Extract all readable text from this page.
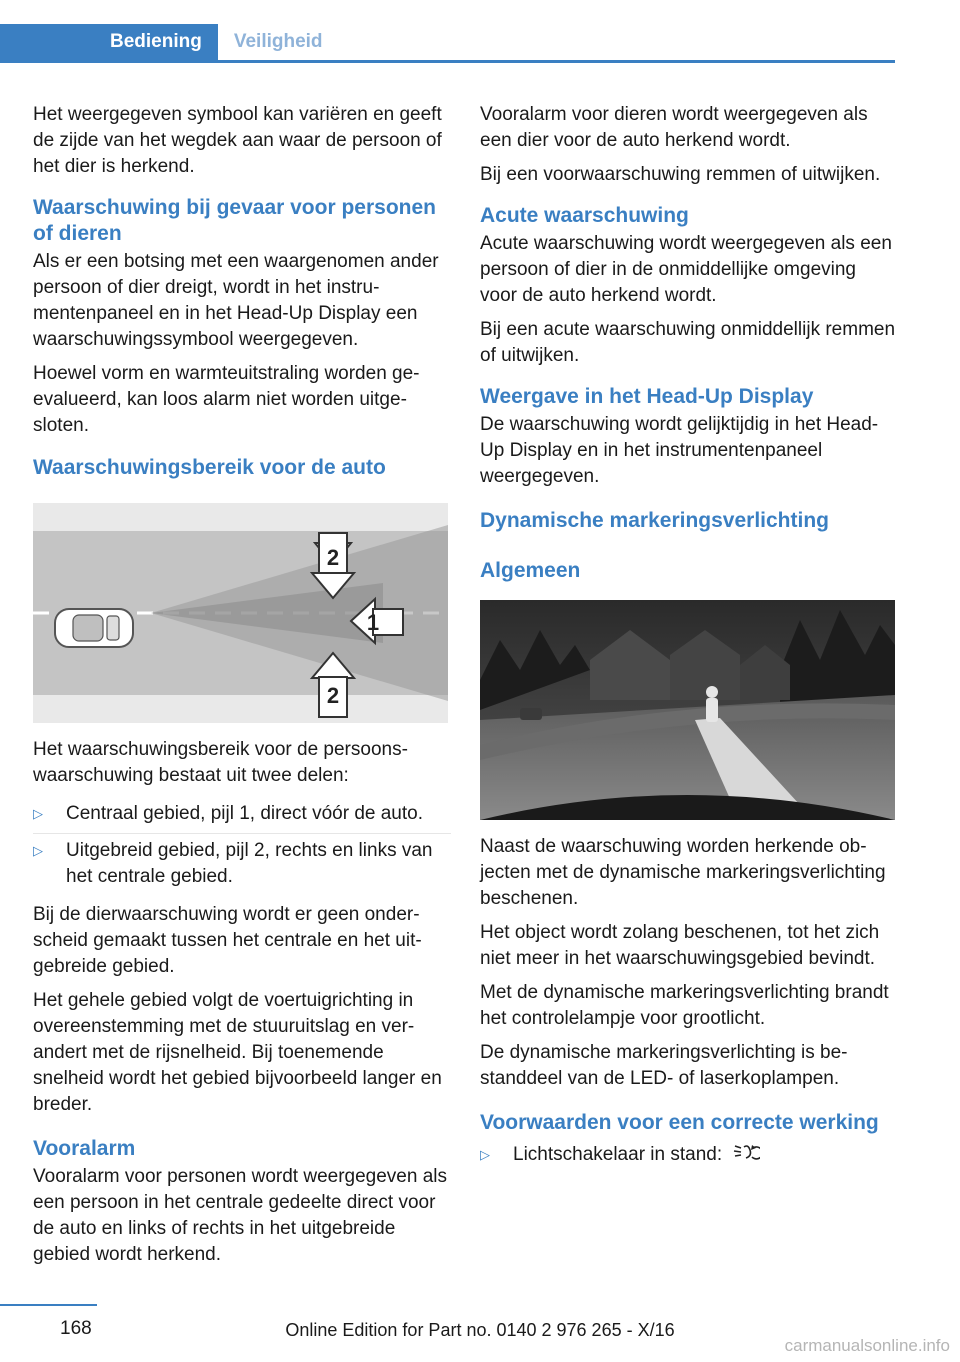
Bediening	Veiligheid

Het weergegeven symbool kan variëren en geeft de zijde van het wegdek aan waar de persoon of het dier is herkend.

Waarschuwing bij gevaar voor personen of dieren

Als er een botsing met een waargenomen ander persoon of dier dreigt, wordt in het instrumentenpaneel en in het Head-Up Display een waarschuwingssymbool weergegeven.

Hoewel vorm en warmteuitstraling worden geevalueerd, kan loos alarm niet worden uitgesloten.

Waarschuwingsbereik voor de auto
2
1
2

Het waarschuwingsbereik voor de persoonswaarschuwing bestaat uit twee delen:

▷	Centraal gebied, pijl 1, direct vóór de auto.
▷	Uitgebreid gebied, pijl 2, rechts en links van het centrale gebied.

Bij de dierwaarschuwing wordt er geen onderscheid gemaakt tussen het centrale en het uitgebreide gebied.

Het gehele gebied volgt de voertuigrichting in overeenstemming met de stuuruitslag en verandert met de rijsnelheid. Bij toenemende snelheid wordt het gebied bijvoorbeeld langer en breder.

Vooralarm

Vooralarm voor personen wordt weergegeven als een persoon in het centrale gedeelte direct voor de auto en links of rechts in het uitgebreide gebied wordt herkend.

Vooralarm voor dieren wordt weergegeven als een dier voor de auto herkend wordt.

Bij een voorwaarschuwing remmen of uitwijken.

Acute waarschuwing

Acute waarschuwing wordt weergegeven als een persoon of dier in de onmiddellijke omgeving voor de auto herkend wordt.

Bij een acute waarschuwing onmiddellijk remmen of uitwijken.

Weergave in het Head-Up Display

De waarschuwing wordt gelijktijdig in het Head-Up Display en in het instrumentenpaneel weergegeven.

Dynamische markeringsverlichting
Algemeen

Naast de waarschuwing worden herkende objecten met de dynamische markeringsverlichting beschenen.

Het object wordt zolang beschenen, tot het zich niet meer in het waarschuwingsgebied bevindt.

Met de dynamische markeringsverlichting brandt het controlelampje voor grootlicht.

De dynamische markeringsverlichting is bestanddeel van de LED- of laserkoplampen.

Voorwaarden voor een correcte werking
▷	Lichtschakelaar in stand:
168	Online Edition for Part no. 0140 2 976 265 - X/16
carmanualsonline.info
